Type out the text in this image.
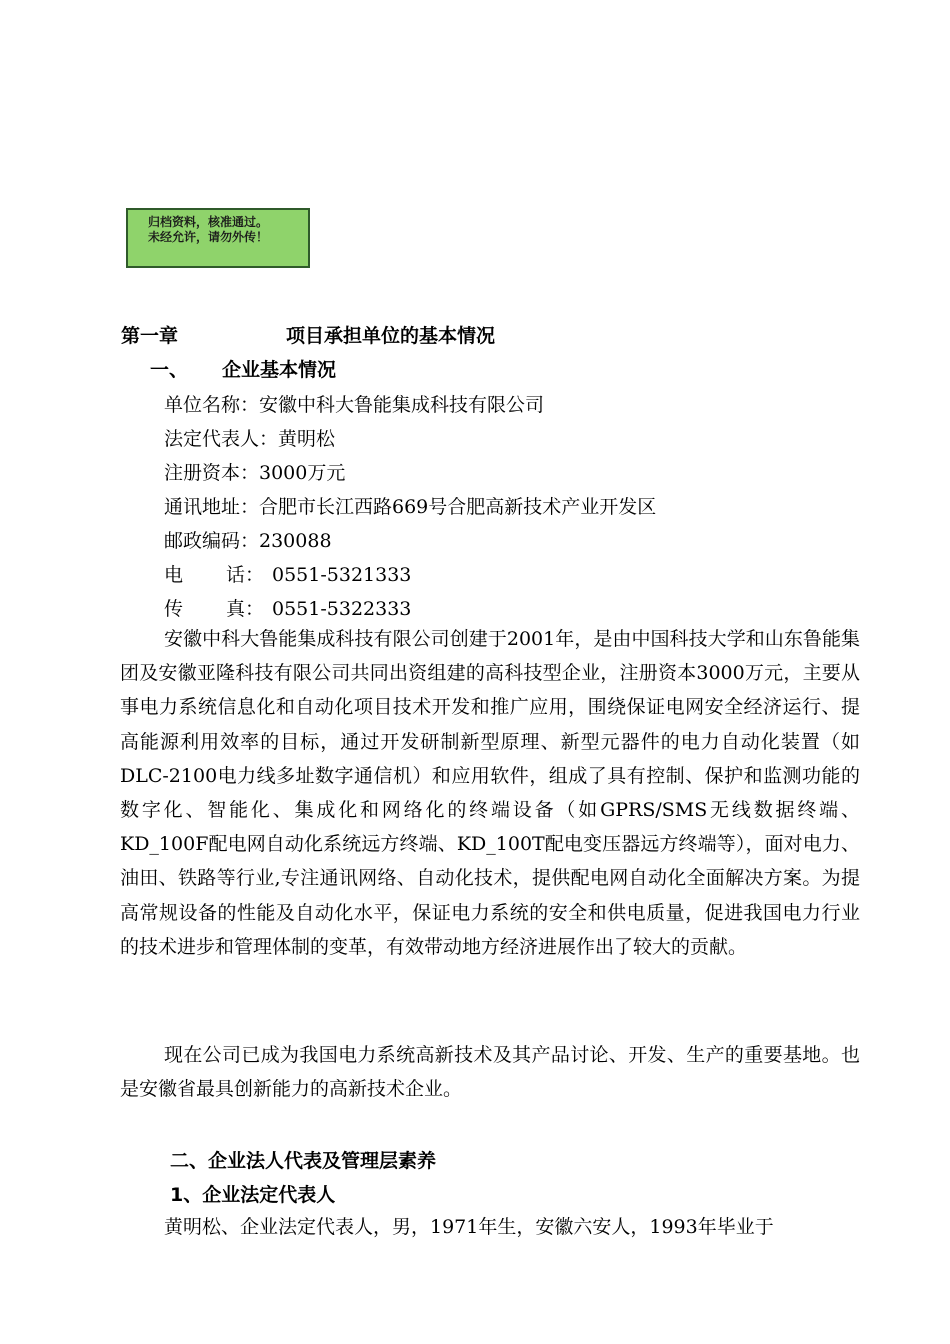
归档资料，核准通过。
未经允许，请勿外传！
第一章	项目承担单位的基本情况
一、 企业基本情况
单位名称：安徽中科大鲁能集成科技有限公司
法定代表人：黄明松
注册资本：3000万元
通讯地址：合肥市长江西路669号合肥高新技术产业开发区
邮政编码：230088
电 话： 0551-5321333
传 真： 0551-5322333
安徽中科大鲁能集成科技有限公司创建于2001年，是由中国科技大学和山东鲁能集团及安徽亚隆科技有限公司共同出资组建的高科技型企业，注册资本3000万元，主要从事电力系统信息化和自动化项目技术开发和推广应用，围绕保证电网安全经济运行、提高能源利用效率的目标，通过开发研制新型原理、新型元器件的电力自动化装置（如DLC-2100电力线多址数字通信机）和应用软件，组成了具有控制、保护和监测功能的数字化、智能化、集成化和网络化的终端设备（如GPRS/SMS无线数据终端、KD_100F配电网自动化系统远方终端、KD_100T配电变压器远方终端等），面对电力、油田、铁路等行业,专注通讯网络、自动化技术，提供配电网自动化全面解决方案。为提高常规设备的性能及自动化水平，保证电力系统的安全和供电质量，促进我国电力行业的技术进步和管理体制的变革，有效带动地方经济进展作出了较大的贡献。
现在公司已成为我国电力系统高新技术及其产品讨论、开发、生产的重要基地。也是安徽省最具创新能力的高新技术企业。
二、企业法人代表及管理层素养
1、企业法定代表人
黄明松、企业法定代表人，男，1971年生，安徽六安人，1993年毕业于
